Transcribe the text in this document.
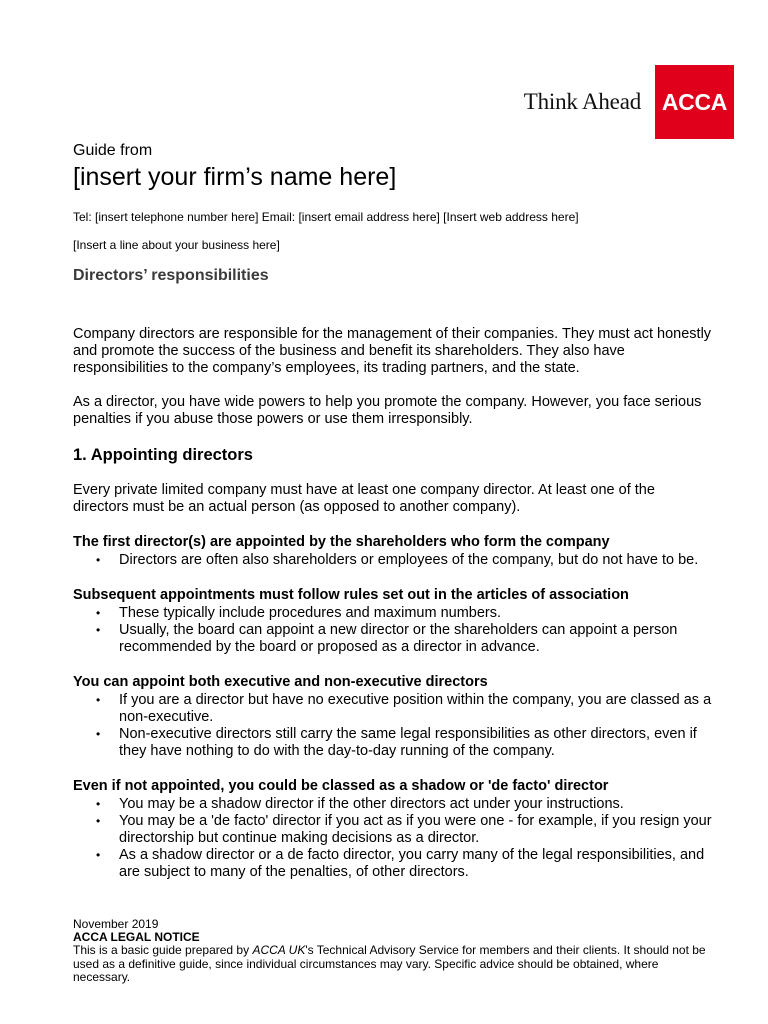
Think Ahead ACCA
Guide from
[insert your firm’s name here]
Tel: [insert telephone number here] Email: [insert email address here] [Insert web address here]
[Insert a line about your business here]
Directors’ responsibilities

Company directors are responsible for the management of their companies. They must act honestly and promote the success of the business and benefit its shareholders. They also have responsibilities to the company’s employees, its trading partners, and the state.

As a director, you have wide powers to help you promote the company. However, you face serious penalties if you abuse those powers or use them irresponsibly.

1. Appointing directors

Every private limited company must have at least one company director. At least one of the directors must be an actual person (as opposed to another company).

The first director(s) are appointed by the shareholders who form the company
• Directors are often also shareholders or employees of the company, but do not have to be.
Subsequent appointments must follow rules set out in the articles of association
• These typically include procedures and maximum numbers.
• Usually, the board can appoint a new director or the shareholders can appoint a person recommended by the board or proposed as a director in advance.
You can appoint both executive and non-executive directors
• If you are a director but have no executive position within the company, you are classed as a non-executive.
• Non-executive directors still carry the same legal responsibilities as other directors, even if they have nothing to do with the day-to-day running of the company.
Even if not appointed, you could be classed as a shadow or 'de facto' director
• You may be a shadow director if the other directors act under your instructions.
• You may be a 'de facto' director if you act as if you were one - for example, if you resign your directorship but continue making decisions as a director.
• As a shadow director or a de facto director, you carry many of the legal responsibilities, and are subject to many of the penalties, of other directors.
November 2019
ACCA LEGAL NOTICE
This is a basic guide prepared by ACCA UK's Technical Advisory Service for members and their clients. It should not be used as a definitive guide, since individual circumstances may vary. Specific advice should be obtained, where necessary.
